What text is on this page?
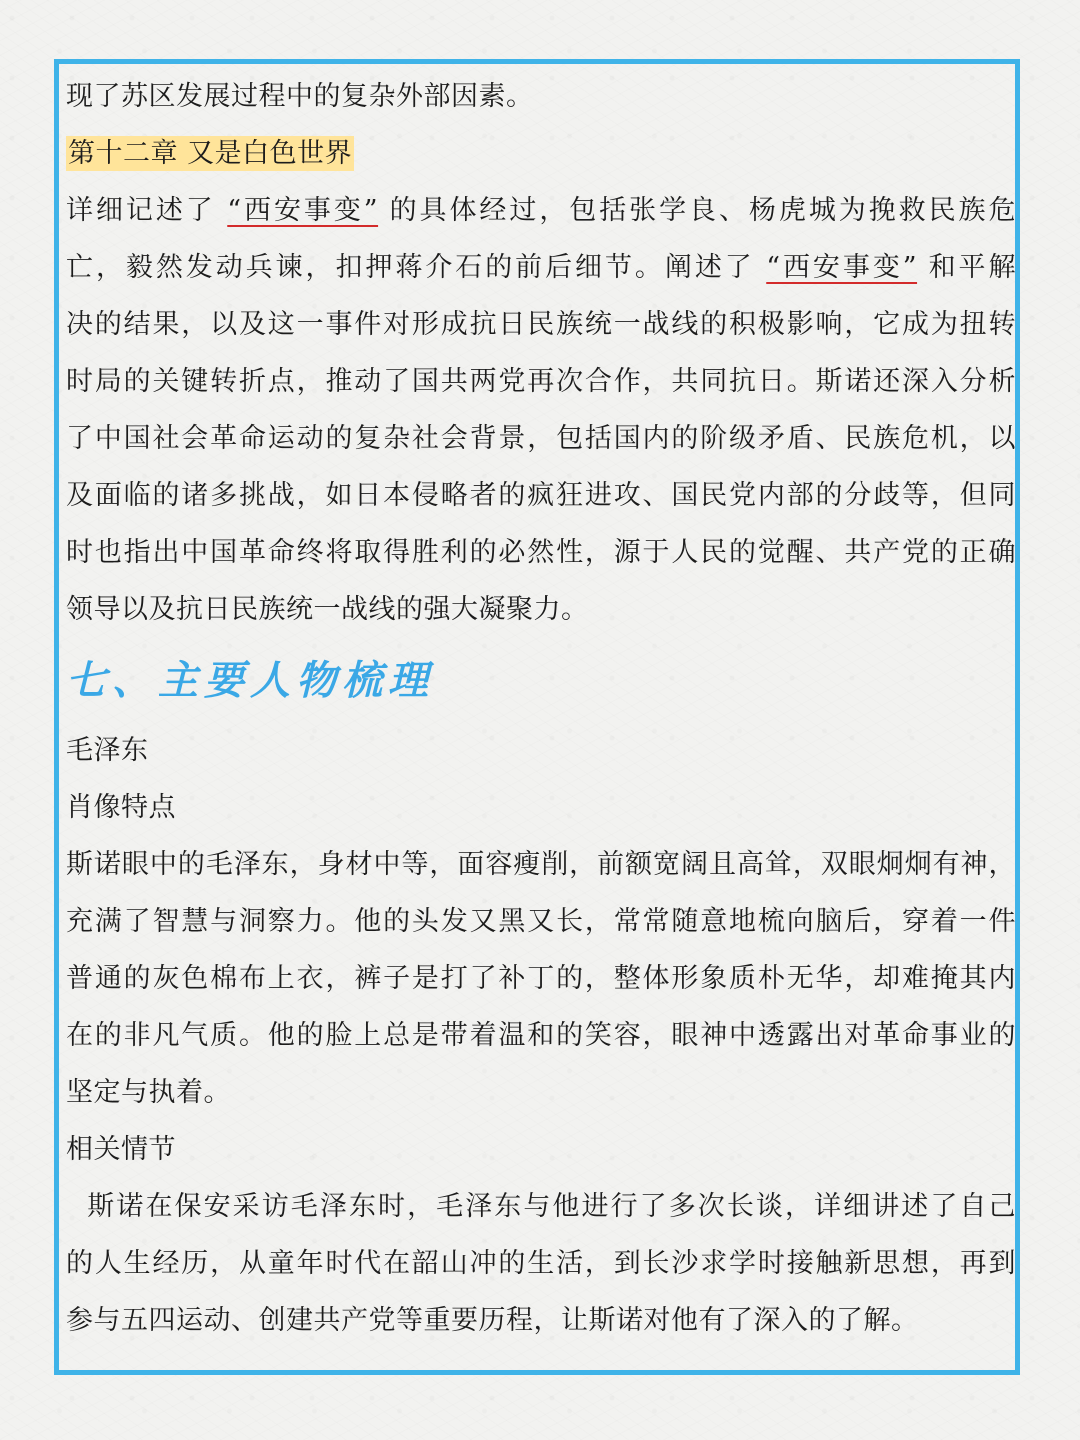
现了苏区发展过程中的复杂外部因素。
第十二章 又是白色世界
详细记述了 “西安事变” 的具体经过，包括张学良、杨虎城为挽救民族危
亡，毅然发动兵谏，扣押蒋介石的前后细节。阐述了 “西安事变” 和平解
决的结果，以及这一事件对形成抗日民族统一战线的积极影响，它成为扭转
时局的关键转折点，推动了国共两党再次合作，共同抗日。斯诺还深入分析
了中国社会革命运动的复杂社会背景，包括国内的阶级矛盾、民族危机，以
及面临的诸多挑战，如日本侵略者的疯狂进攻、国民党内部的分歧等，但同
时也指出中国革命终将取得胜利的必然性，源于人民的觉醒、共产党的正确
领导以及抗日民族统一战线的强大凝聚力。
七、主要人物梳理
毛泽东
肖像特点
斯诺眼中的毛泽东，身材中等，面容瘦削，前额宽阔且高耸，双眼炯炯有神，
充满了智慧与洞察力。他的头发又黑又长，常常随意地梳向脑后，穿着一件
普通的灰色棉布上衣，裤子是打了补丁的，整体形象质朴无华，却难掩其内
在的非凡气质。他的脸上总是带着温和的笑容，眼神中透露出对革命事业的
坚定与执着。
相关情节
斯诺在保安采访毛泽东时，毛泽东与他进行了多次长谈，详细讲述了自己
的人生经历，从童年时代在韶山冲的生活，到长沙求学时接触新思想，再到
参与五四运动、创建共产党等重要历程，让斯诺对他有了深入的了解。
